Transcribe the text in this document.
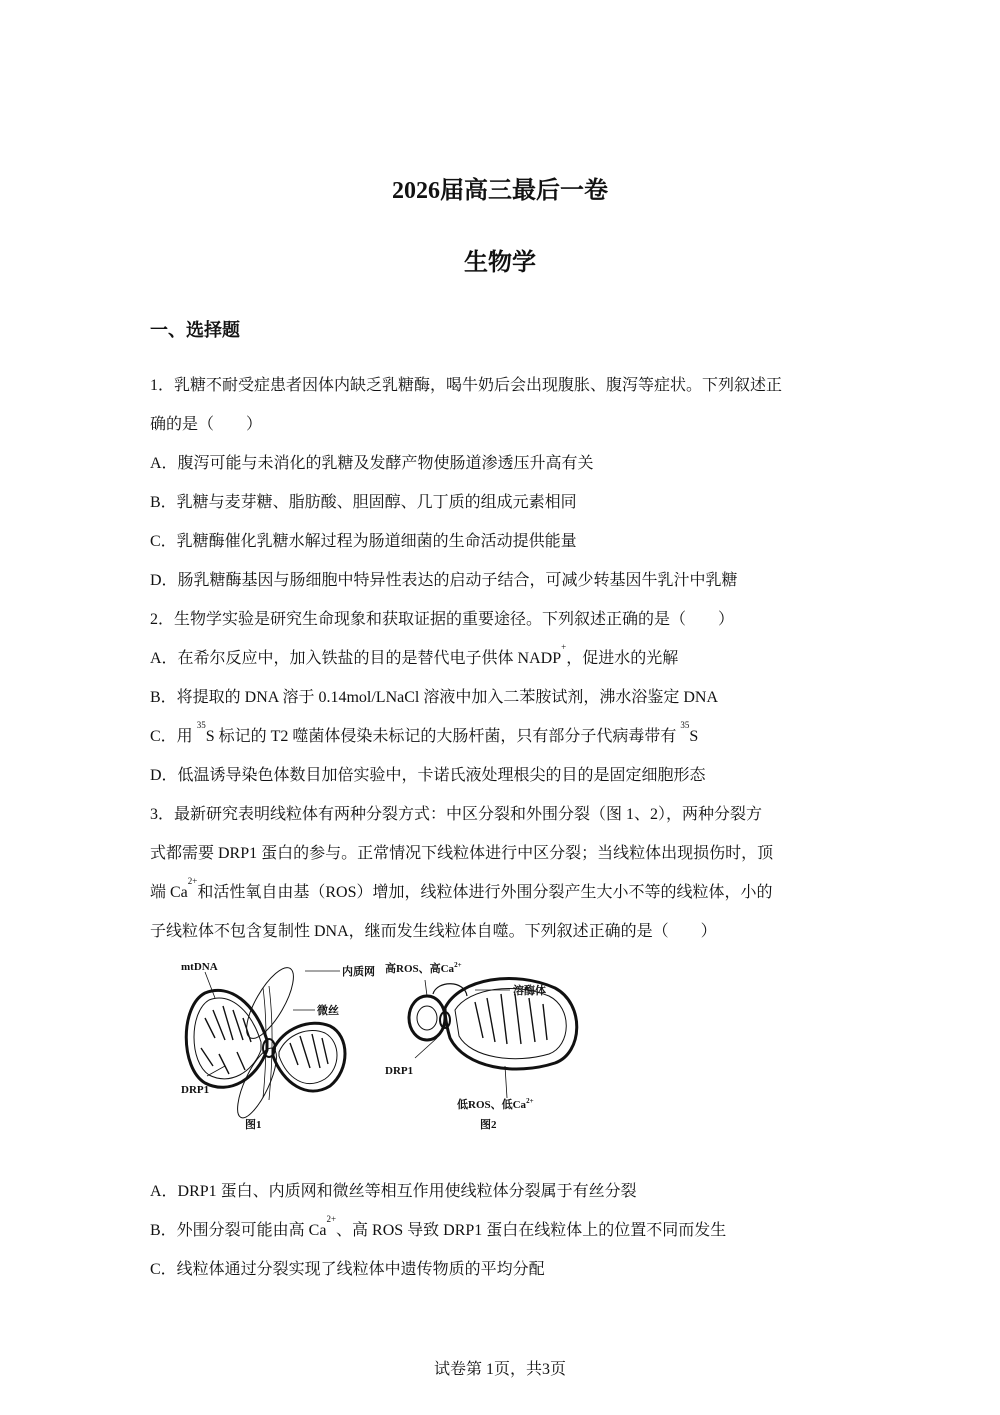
2026届高三最后一卷
生物学
一、选择题
1．乳糖不耐受症患者因体内缺乏乳糖酶，喝牛奶后会出现腹胀、腹泻等症状。下列叙述正
确的是（　　）
A．腹泻可能与未消化的乳糖及发酵产物使肠道渗透压升高有关
B．乳糖与麦芽糖、脂肪酸、胆固醇、几丁质的组成元素相同
C．乳糖酶催化乳糖水解过程为肠道细菌的生命活动提供能量
D．肠乳糖酶基因与肠细胞中特异性表达的启动子结合，可减少转基因牛乳汁中乳糖
2．生物学实验是研究生命现象和获取证据的重要途径。下列叙述正确的是（　　）
A．在希尔反应中，加入铁盐的目的是替代电子供体 NADP+，促进水的光解
B．将提取的 DNA 溶于 0.14mol/LNaCl 溶液中加入二苯胺试剂，沸水浴鉴定 DNA
C．用 $^{35}$S 标记的 T2 噬菌体侵染未标记的大肠杆菌，只有部分子代病毒带有 $^{35}$S
D．低温诱导染色体数目加倍实验中，卡诺氏液处理根尖的目的是固定细胞形态
3．最新研究表明线粒体有两种分裂方式：中区分裂和外围分裂（图 1、2），两种分裂方
式都需要 DRP1 蛋白的参与。正常情况下线粒体进行中区分裂；当线粒体出现损伤时，顶
端 $Ca^{2+}$和活性氧自由基（ROS）增加，线粒体进行外围分裂产生大小不等的线粒体，小的
子线粒体不包含复制性 DNA，继而发生线粒体自噬。下列叙述正确的是（　　）
mtDNA	内质网
微丝
DRP1
图1
高ROS、高$Ca^{2+}$
溶酶体
DRP1
低ROS、低$Ca^{2+}$
图2
A．DRP1 蛋白、内质网和微丝等相互作用使线粒体分裂属于有丝分裂
B．外围分裂可能由高 $Ca^{2+}$、高 ROS 导致 DRP1 蛋白在线粒体上的位置不同而发生
C．线粒体通过分裂实现了线粒体中遗传物质的平均分配
试卷第 1页，共3页
